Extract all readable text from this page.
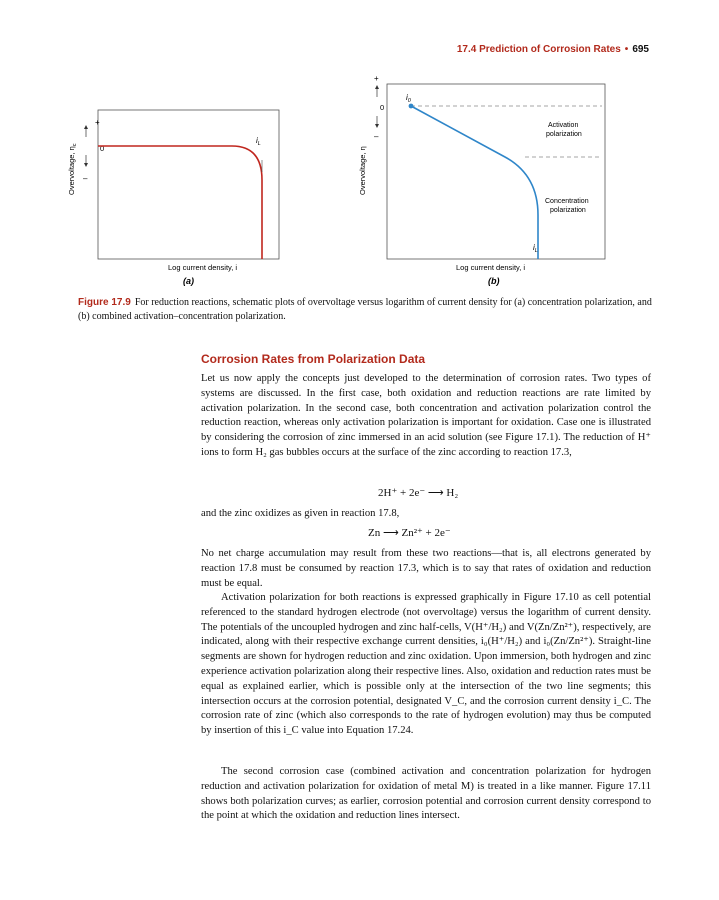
17.4 Prediction of Corrosion Rates • 695
Overvoltage, $\eta_c$
+
–
0
$i_L$
Log current density, i
(a)
Overvoltage, η
+
–
0
$i_0$
Activation
polarization
Concentration
polarization
$i_L$
Log current density, i
(b)
Figure 17.9 For reduction reactions, schematic plots of overvoltage versus logarithm of current density for (a) concentration polarization, and (b) combined activation–concentration polarization.
Corrosion Rates from Polarization Data

Let us now apply the concepts just developed to the determination of corrosion rates. Two types of systems are discussed. In the first case, both oxidation and reduction reactions are rate limited by activation polarization. In the second case, both concentration and activation polarization control the reduction reaction, whereas only activation polarization is important for oxidation. Case one is illustrated by considering the corrosion of zinc immersed in an acid solution (see Figure 17.1). The reduction of H⁺ ions to form H₂ gas bubbles occurs at the surface of the zinc according to reaction 17.3,

2H⁺ + 2e⁻ ⟶ H₂

and the zinc oxidizes as given in reaction 17.8,

Zn ⟶ Zn²⁺ + 2e⁻

No net charge accumulation may result from these two reactions—that is, all electrons generated by reaction 17.8 must be consumed by reaction 17.3, which is to say that rates of oxidation and reduction must be equal.

Activation polarization for both reactions is expressed graphically in Figure 17.10 as cell potential referenced to the standard hydrogen electrode (not overvoltage) versus the logarithm of current density. The potentials of the uncoupled hydrogen and zinc half-cells, V(H⁺/H₂) and V(Zn/Zn²⁺), respectively, are indicated, along with their respective exchange current densities, i₀(H⁺/H₂) and i₀(Zn/Zn²⁺). Straight-line segments are shown for hydrogen reduction and zinc oxidation. Upon immersion, both hydrogen and zinc experience activation polarization along their respective lines. Also, oxidation and reduction rates must be equal as explained earlier, which is possible only at the intersection of the two line segments; this intersection occurs at the corrosion potential, designated V_C, and the corrosion current density i_C. The corrosion rate of zinc (which also corresponds to the rate of hydrogen evolution) may thus be computed by insertion of this i_C value into Equation 17.24.

The second corrosion case (combined activation and concentration polarization for hydrogen reduction and activation polarization for oxidation of metal M) is treated in a like manner. Figure 17.11 shows both polarization curves; as earlier, corrosion potential and corrosion current density correspond to the point at which the oxidation and reduction lines intersect.
